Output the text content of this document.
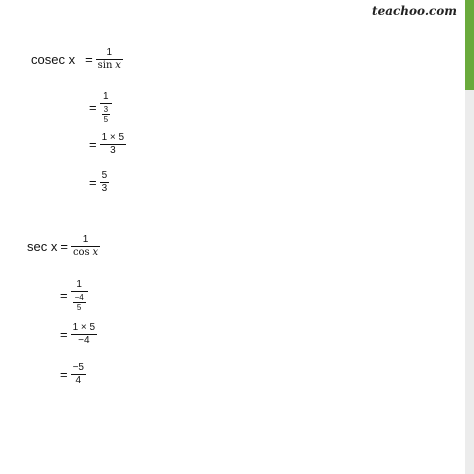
teachoo.com
cosec $x = \frac{1}{\text{sin x}}$
= $\frac{1}{\frac{3}{5}}$
= $\frac{1 \times 5}{3}$
= $\frac{5}{3}$
$\sec x = \frac{1}{\text{cos x}}$
= $\frac{1}{\frac{-4}{5}}$
= $\frac{1 \times 5}{-4}$
= $\frac{-5}{4}$
